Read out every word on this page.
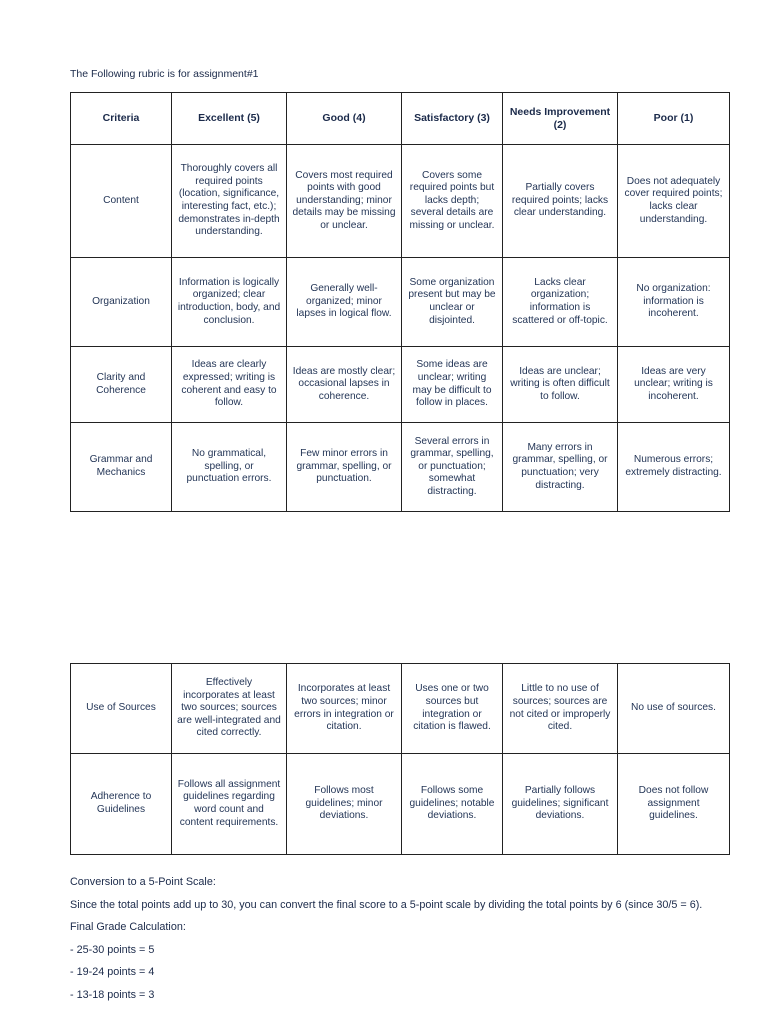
The Following rubric is for assignment#1
Criteria	Excellent (5)	Good (4)	Satisfactory (3)	Needs Improvement (2)	Poor (1)
Content	Thoroughly covers all required points (location, significance, interesting fact, etc.); demonstrates in-depth understanding.	Covers most required points with good understanding; minor details may be missing or unclear.	Covers some required points but lacks depth; several details are missing or unclear.	Partially covers required points; lacks clear understanding.	Does not adequately cover required points; lacks clear understanding.
Organization	Information is logically organized; clear introduction, body, and conclusion.	Generally well-organized; minor lapses in logical flow.	Some organization present but may be unclear or disjointed.	Lacks clear organization; information is scattered or off-topic.	No organization: information is incoherent.
Clarity and Coherence	Ideas are clearly expressed; writing is coherent and easy to follow.	Ideas are mostly clear; occasional lapses in coherence.	Some ideas are unclear; writing may be difficult to follow in places.	Ideas are unclear; writing is often difficult to follow.	Ideas are very unclear; writing is incoherent.
Grammar and Mechanics	No grammatical, spelling, or punctuation errors.	Few minor errors in grammar, spelling, or punctuation.	Several errors in grammar, spelling, or punctuation; somewhat distracting.	Many errors in grammar, spelling, or punctuation; very distracting.	Numerous errors; extremely distracting.
Use of Sources	Effectively incorporates at least two sources; sources are well-integrated and cited correctly.	Incorporates at least two sources; minor errors in integration or citation.	Uses one or two sources but integration or citation is flawed.	Little to no use of sources; sources are not cited or improperly cited.	No use of sources.
Adherence to Guidelines	Follows all assignment guidelines regarding word count and content requirements.	Follows most guidelines; minor deviations.	Follows some guidelines; notable deviations.	Partially follows guidelines; significant deviations.	Does not follow assignment guidelines.

Conversion to a 5-Point Scale:

Since the total points add up to 30, you can convert the final score to a 5-point scale by dividing the total points by 6 (since 30/5 = 6).

Final Grade Calculation:

- 25-30 points = 5

- 19-24 points = 4

- 13-18 points = 3
